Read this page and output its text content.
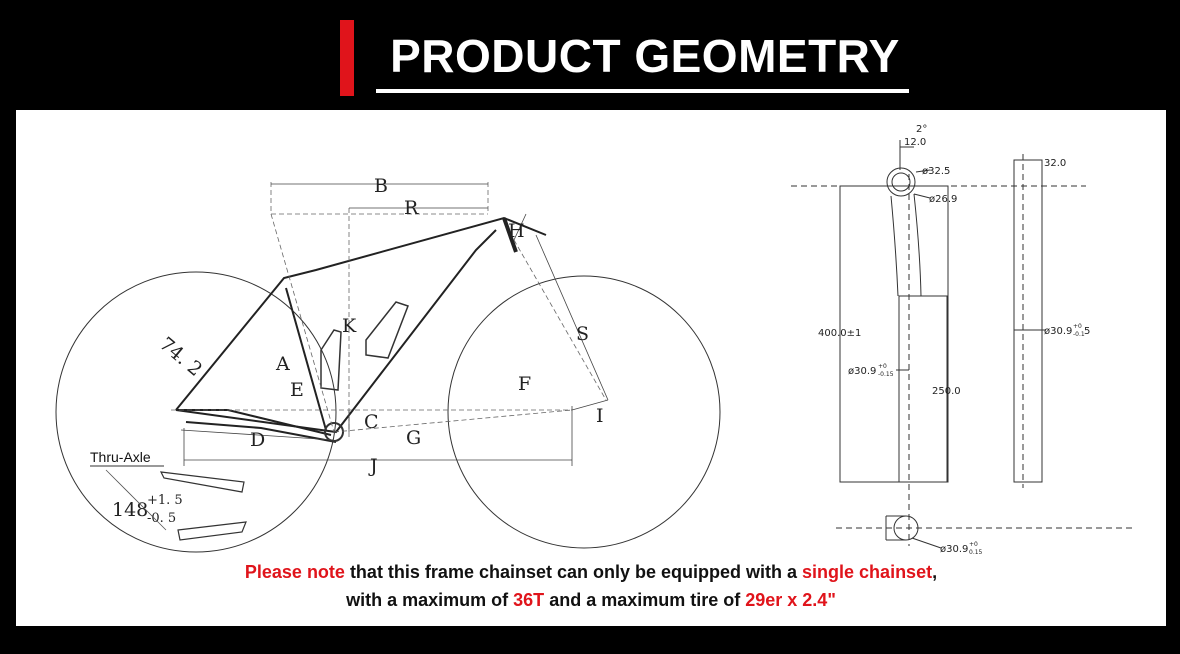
PRODUCT GEOMETRY
B
R
H
K
A
E
S
F
C
D	G
I
J
74. 2
Thru-Axle
148
+1. 5
-0. 5
2°
12.0
ø32.5
ø26.9
400.0±1
ø30.9 +0
-0.15
250.0
32.0
ø30.9 +0
-0.1 5
ø30.9 +0
0.15
Please note that this frame chainset can only be equipped with a single chainset,
with a maximum of 36T and a maximum tire of 29er x 2.4"
